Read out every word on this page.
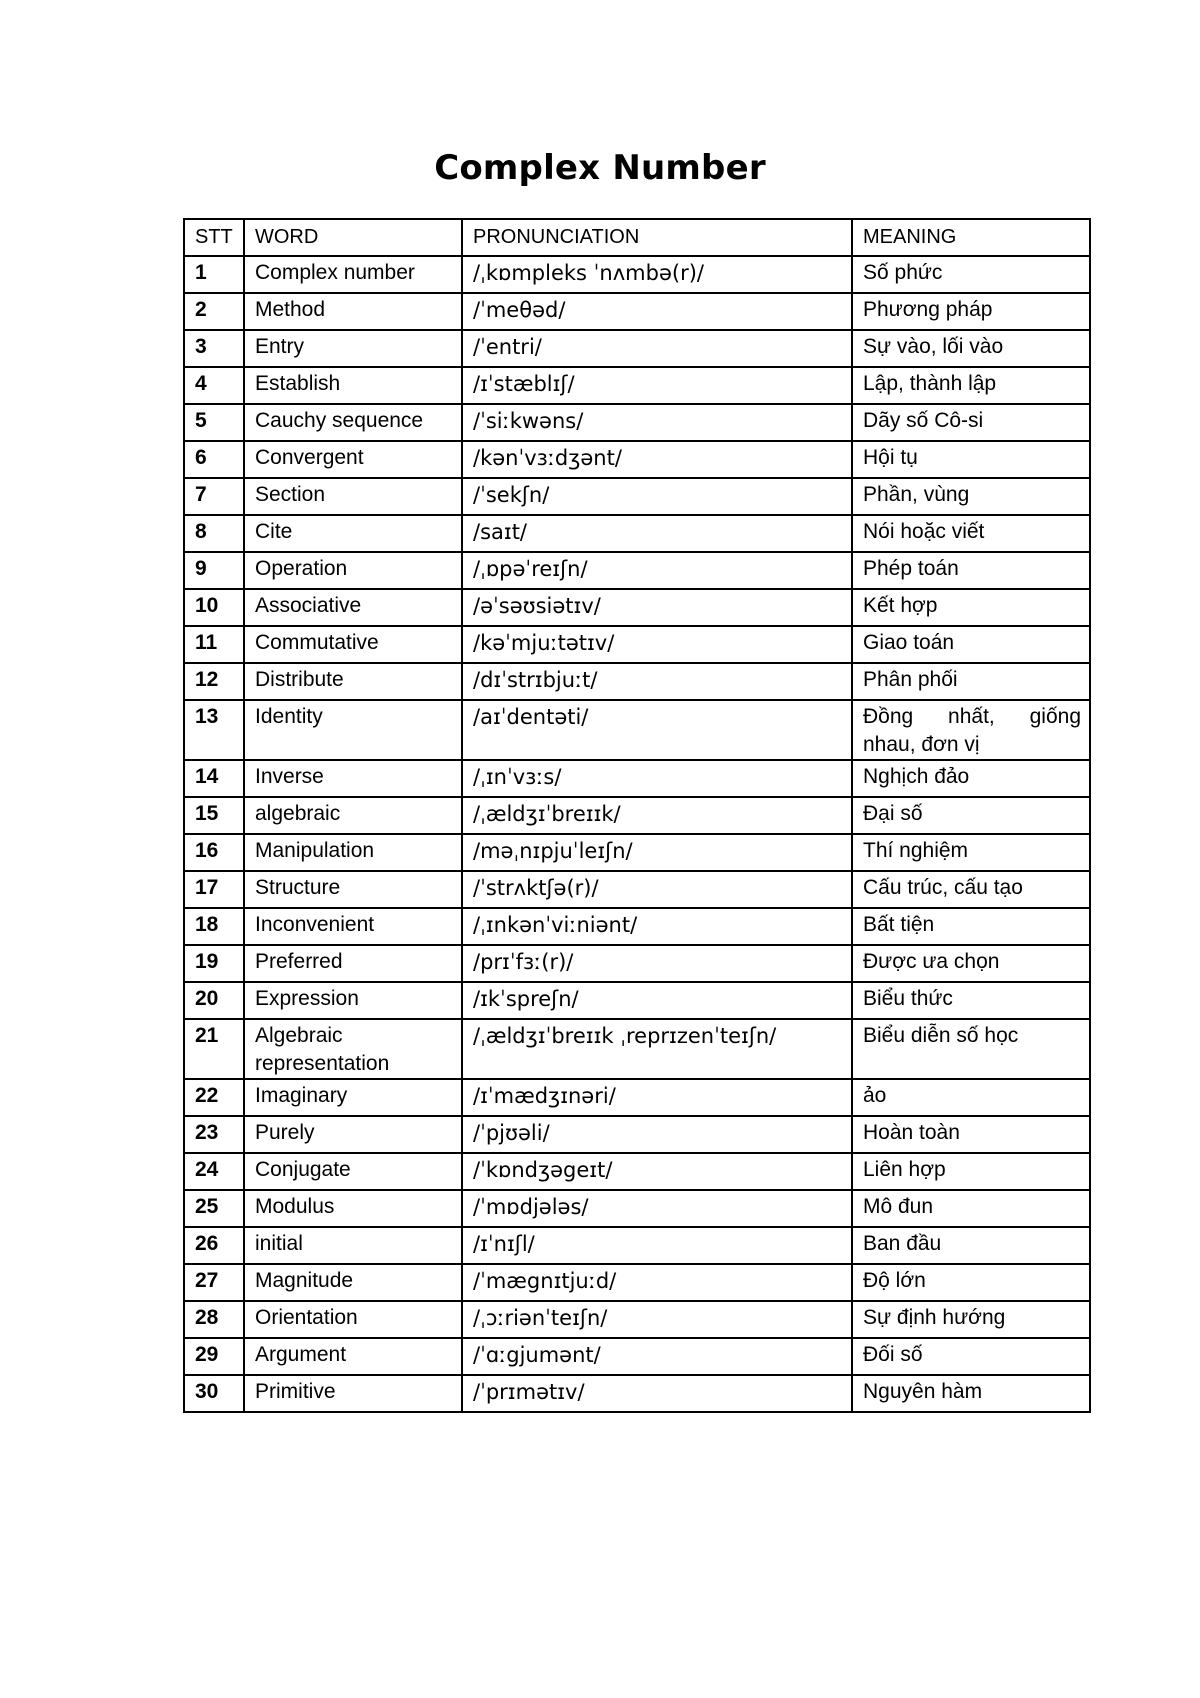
Complex Number
STT	WORD	PRONUNCIATION	MEANING
1	Complex number	/ˌkɒmpleks ˈnʌmbə(r)/	Số phức
2	Method	/ˈmeθəd/	Phương pháp
3	Entry	/ˈentri/	Sự vào, lối vào
4	Establish	/ɪˈstæblɪʃ/	Lập, thành lập
5	Cauchy sequence	/ˈsiːkwəns/	Dãy số Cô-si
6	Convergent	/kənˈvɜːdʒənt/	Hội tụ
7	Section	/ˈsekʃn/	Phần, vùng
8	Cite	/saɪt/	Nói hoặc viết
9	Operation	/ˌɒpəˈreɪʃn/	Phép toán
10	Associative	/əˈsəʊsiətɪv/	Kết hợp
11	Commutative	/kəˈmjuːtətɪv/	Giao toán
12	Distribute	/dɪˈstrɪbjuːt/	Phân phối
13	Identity	/aɪˈdentəti/	Đồng nhất, giống nhau, đơn vị
14	Inverse	/ˌɪnˈvɜːs/	Nghịch đảo
15	algebraic	/ˌældʒɪˈbreɪɪk/	Đại số
16	Manipulation	/məˌnɪpjuˈleɪʃn/	Thí nghiệm
17	Structure	/ˈstrʌktʃə(r)/	Cấu trúc, cấu tạo
18	Inconvenient	/ˌɪnkənˈviːniənt/	Bất tiện
19	Preferred	/prɪˈfɜː(r)/	Được ưa chọn
20	Expression	/ɪkˈspreʃn/	Biểu thức
21	Algebraic representation	/ˌældʒɪˈbreɪɪk ˌreprɪzenˈteɪʃn/	Biểu diễn số học
22	Imaginary	/ɪˈmædʒɪnəri/	ảo
23	Purely	/ˈpjʊəli/	Hoàn toàn
24	Conjugate	/ˈkɒndʒəgeɪt/	Liên hợp
25	Modulus	/ˈmɒdjələs/	Mô đun
26	initial	/ɪˈnɪʃl/	Ban đầu
27	Magnitude	/ˈmægnɪtjuːd/	Độ lớn
28	Orientation	/ˌɔːriənˈteɪʃn/	Sự định hướng
29	Argument	/ˈɑːgjumənt/	Đối số
30	Primitive	/ˈprɪmətɪv/	Nguyên hàm
